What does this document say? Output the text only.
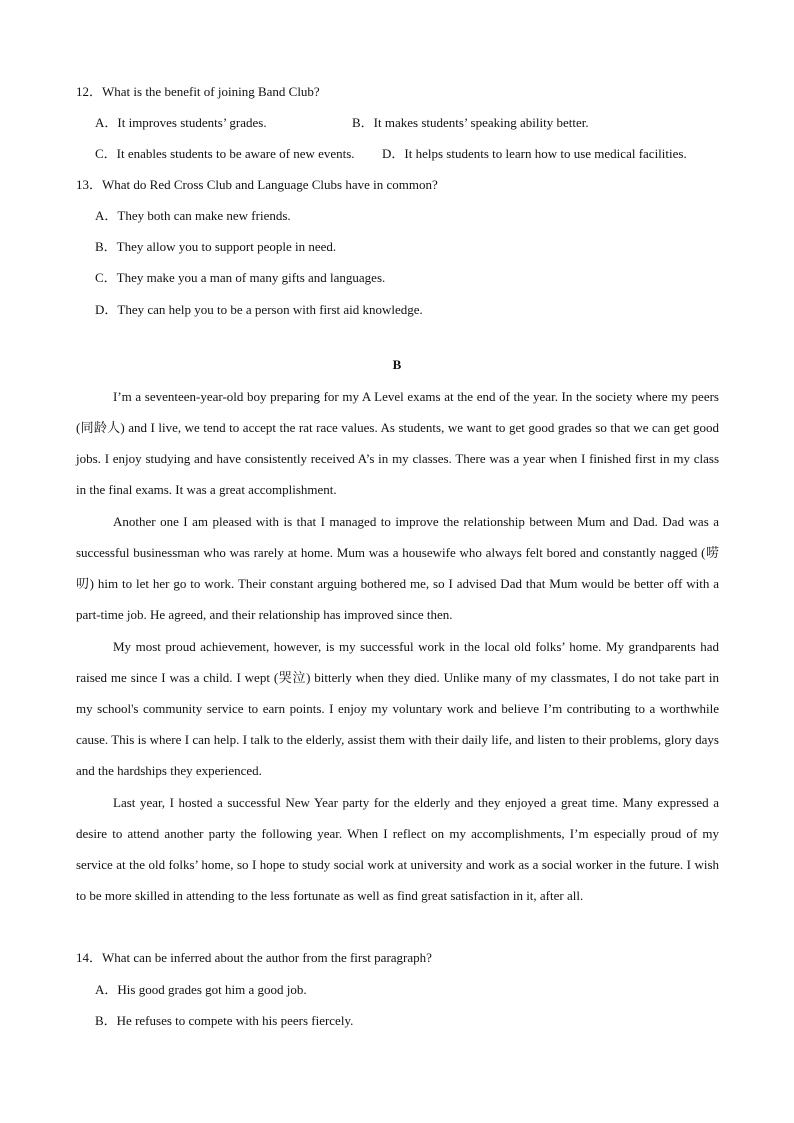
12．What is the benefit of joining Band Club?
A．It improves students’ grades.	B．It makes students’ speaking ability better.
C．It enables students to be aware of new events. D．It helps students to learn how to use medical facilities.
13．What do Red Cross Club and Language Clubs have in common?
A．They both can make new friends.
B．They allow you to support people in need.
C．They make you a man of many gifts and languages.
D．They can help you to be a person with first aid knowledge.
B

I’m a seventeen-year-old boy preparing for my A Level exams at the end of the year. In the society where my peers (同龄人) and I live, we tend to accept the rat race values. As students, we want to get good grades so that we can get good jobs. I enjoy studying and have consistently received A’s in my classes. There was a year when I finished first in my class in the final exams. It was a great accomplishment.

Another one I am pleased with is that I managed to improve the relationship between Mum and Dad. Dad was a successful businessman who was rarely at home. Mum was a housewife who always felt bored and constantly nagged (唠叨) him to let her go to work. Their constant arguing bothered me, so I advised Dad that Mum would be better off with a part-time job. He agreed, and their relationship has improved since then.

My most proud achievement, however, is my successful work in the local old folks’ home. My grandparents had raised me since I was a child. I wept (哭泣) bitterly when they died. Unlike many of my classmates, I do not take part in my school's community service to earn points. I enjoy my voluntary work and believe I’m contributing to a worthwhile cause. This is where I can help. I talk to the elderly, assist them with their daily life, and listen to their problems, glory days and the hardships they experienced.

Last year, I hosted a successful New Year party for the elderly and they enjoyed a great time. Many expressed a desire to attend another party the following year. When I reflect on my accomplishments, I’m especially proud of my service at the old folks’ home, so I hope to study social work at university and work as a social worker in the future. I wish to be more skilled in attending to the less fortunate as well as find great satisfaction in it, after all.

14．What can be inferred about the author from the first paragraph?
A．His good grades got him a good job.
B．He refuses to compete with his peers fiercely.
